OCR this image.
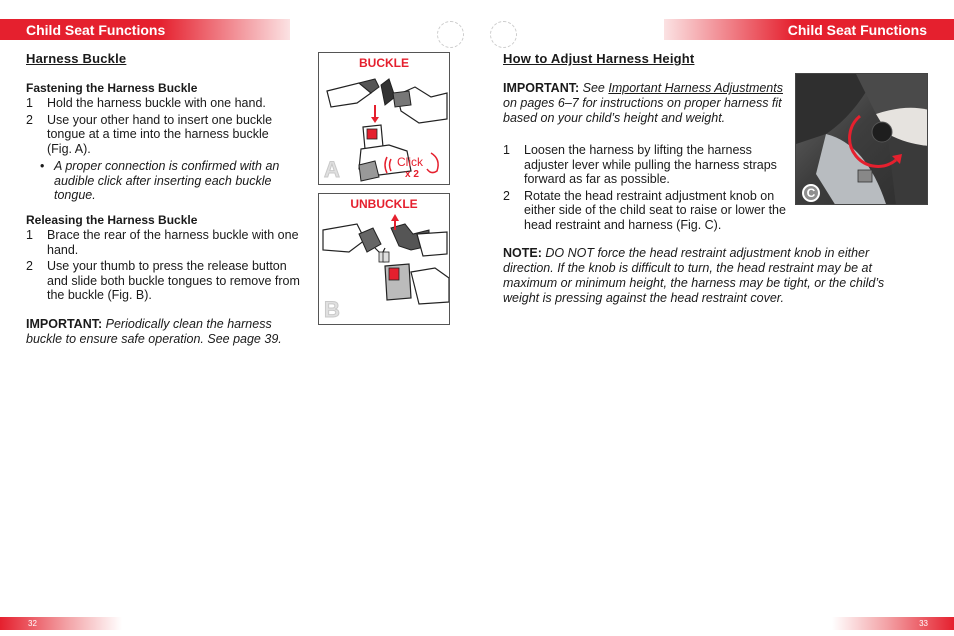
Child Seat Functions	Child Seat Functions
Harness Buckle
Fastening the Harness Buckle
1 Hold the harness buckle with one hand.
2 Use your other hand to insert one buckle tongue at a time into the harness buckle (Fig. A).
• A proper connection is confirmed with an audible click after inserting each buckle tongue.
Releasing the Harness Buckle
1 Brace the rear of the harness buckle with one hand.
2 Use your thumb to press the release button and slide both buckle tongues to remove from the buckle (Fig. B).
IMPORTANT: Periodically clean the harness buckle to ensure safe operation. See page 39.
BUCKLE
Click
x 2
A
UNBUCKLE
B
How to Adjust Harness Height
IMPORTANT: See Important Harness Adjustments on pages 6–7 for instructions on proper harness fit based on your child’s height and weight.
1 Loosen the harness by lifting the harness adjuster lever while pulling the harness straps forward as far as possible.
2 Rotate the head restraint adjustment knob on either side of the child seat to raise or lower the head restraint and harness (Fig. C).
NOTE: DO NOT force the head restraint adjustment knob in either direction. If the knob is difficult to turn, the head restraint may be at maximum or minimum height, the harness may be tight, or the child’s weight is pressing against the head restraint cover.
C
32	33
